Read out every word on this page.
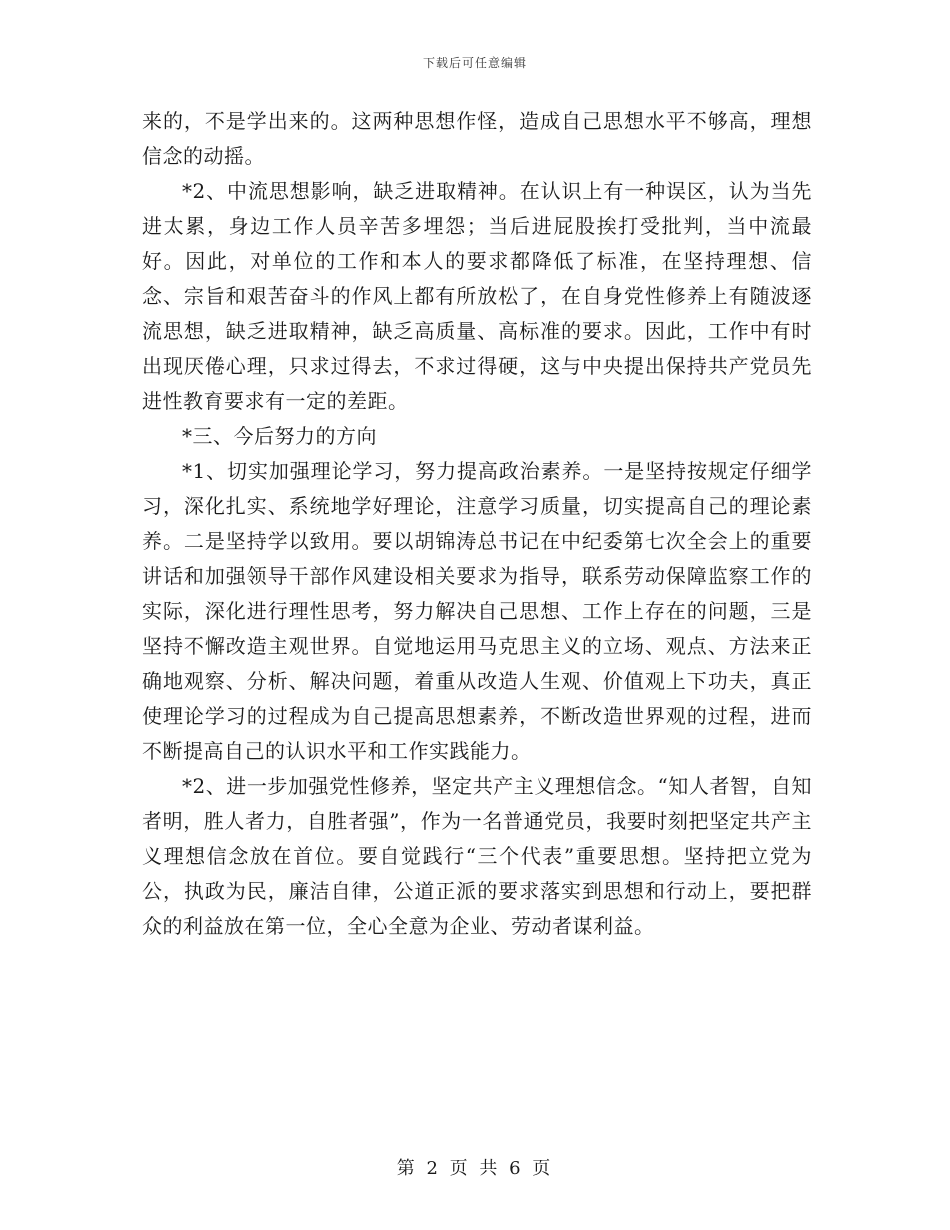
下载后可任意编辑

来的，不是学出来的。这两种思想作怪，造成自己思想水平不够高，理想信念的动摇。

*2、中流思想影响，缺乏进取精神。在认识上有一种误区，认为当先进太累，身边工作人员辛苦多埋怨；当后进屁股挨打受批判，当中流最好。因此，对单位的工作和本人的要求都降低了标准，在坚持理想、信念、宗旨和艰苦奋斗的作风上都有所放松了，在自身党性修养上有随波逐流思想，缺乏进取精神，缺乏高质量、高标准的要求。因此，工作中有时出现厌倦心理，只求过得去，不求过得硬，这与中央提出保持共产党员先进性教育要求有一定的差距。

*三、今后努力的方向

*1、切实加强理论学习，努力提高政治素养。一是坚持按规定仔细学习，深化扎实、系统地学好理论，注意学习质量，切实提高自己的理论素养。二是坚持学以致用。要以胡锦涛总书记在中纪委第七次全会上的重要讲话和加强领导干部作风建设相关要求为指导，联系劳动保障监察工作的实际，深化进行理性思考，努力解决自己思想、工作上存在的问题，三是坚持不懈改造主观世界。自觉地运用马克思主义的立场、观点、方法来正确地观察、分析、解决问题，着重从改造人生观、价值观上下功夫，真正使理论学习的过程成为自己提高思想素养，不断改造世界观的过程，进而不断提高自己的认识水平和工作实践能力。

*2、进一步加强党性修养，坚定共产主义理想信念。“知人者智，自知者明，胜人者力，自胜者强”，作为一名普通党员，我要时刻把坚定共产主义理想信念放在首位。要自觉践行“三个代表”重要思想。坚持把立党为公，执政为民，廉洁自律，公道正派的要求落实到思想和行动上，要把群众的利益放在第一位，全心全意为企业、劳动者谋利益。

第 2 页 共 6 页
